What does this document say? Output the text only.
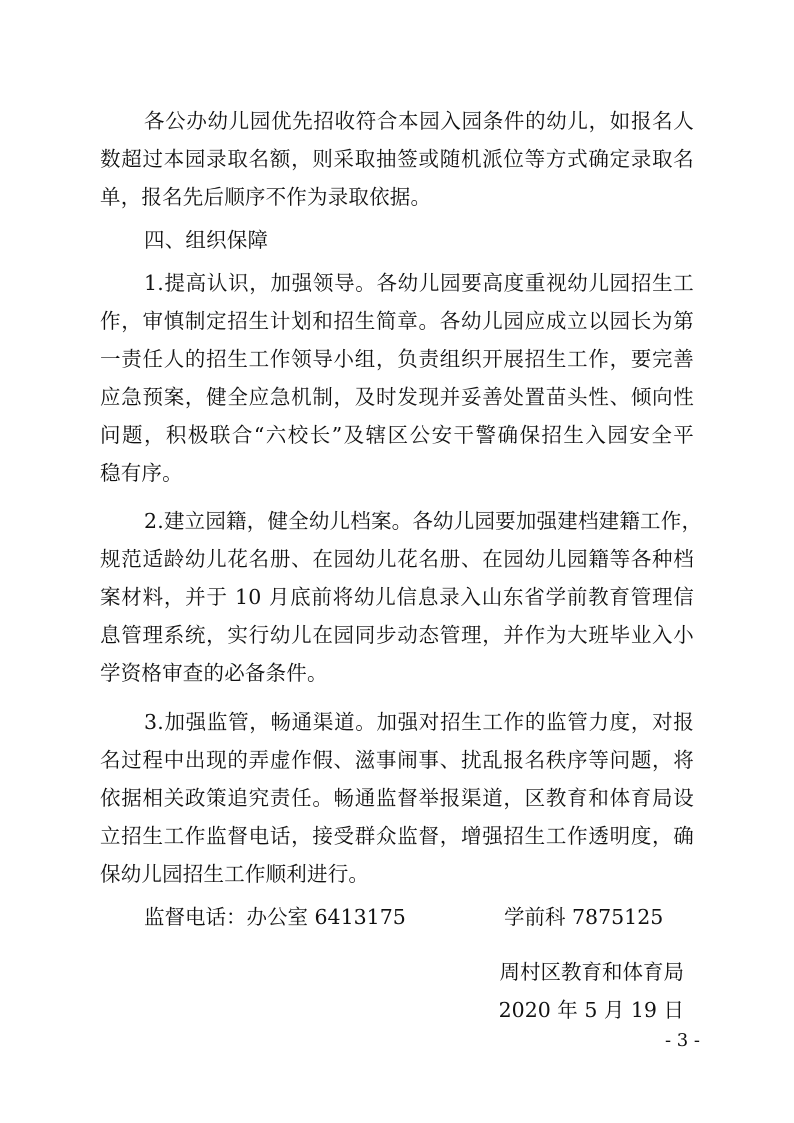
各公办幼儿园优先招收符合本园入园条件的幼儿，如报名人
数超过本园录取名额，则采取抽签或随机派位等方式确定录取名
单，报名先后顺序不作为录取依据。
四、组织保障
1.提高认识，加强领导。各幼儿园要高度重视幼儿园招生工
作，审慎制定招生计划和招生简章。各幼儿园应成立以园长为第
一责任人的招生工作领导小组，负责组织开展招生工作，要完善
应急预案，健全应急机制，及时发现并妥善处置苗头性、倾向性
问题，积极联合“六校长”及辖区公安干警确保招生入园安全平
稳有序。
2.建立园籍，健全幼儿档案。各幼儿园要加强建档建籍工作，
规范适龄幼儿花名册、在园幼儿花名册、在园幼儿园籍等各种档
案材料，并于 10 月底前将幼儿信息录入山东省学前教育管理信
息管理系统，实行幼儿在园同步动态管理，并作为大班毕业入小
学资格审查的必备条件。
3.加强监管，畅通渠道。加强对招生工作的监管力度，对报
名过程中出现的弄虚作假、滋事闹事、扰乱报名秩序等问题，将
依据相关政策追究责任。畅通监督举报渠道，区教育和体育局设
立招生工作监督电话，接受群众监督，增强招生工作透明度，确
保幼儿园招生工作顺利进行。
监督电话：办公室 6413175	学前科 7875125
周村区教育和体育局
2020 年 5 月 19 日
- 3 -
